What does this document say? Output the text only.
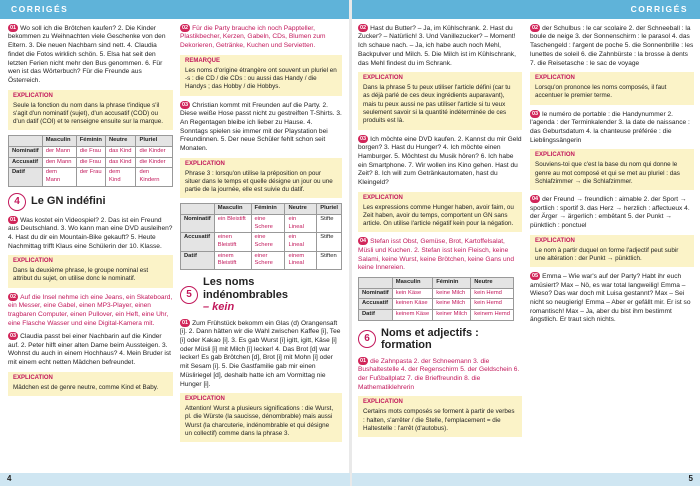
CORRIGÉS	CORRIGÉS

01 Wo soll ich die Brötchen kaufen? 2. Die Kinder bekommen zu Weihnachten viele Geschenke von den Eltern. 3. Die neuen Nachbarn sind nett. 4. Claudia findet die Fotos wirklich schön. 5. Elsa hat seit den letzten Ferien nicht mehr den Bus genommen. 6. Für wen ist das Wörterbuch? Für die Freunde aus Österreich.

EXPLICATION

Seule la fonction du nom dans la phrase t'indique s'il s'agit d'un nominatif (sujet), d'un accusatif (COD) ou d'un datif (COI) et te renseigne ensuite sur la marque.

	Masculin	Féminin	Neutre	Pluriel
Nominatif	der Mann	die Frau	das Kind	die Kinder
Accusatif	den Mann	die Frau	das Kind	die Kinder
Datif	dem Mann	der Frau	dem Kind	den Kindern
4	Le GN indéfini

01 Was kostet ein Videospiel? 2. Das ist ein Freund aus Deutschland. 3. Wo kann man eine DVD ausleihen? 4. Hast du dir ein Mountain-Bike gekauft? 5. Heute Nachmittag trifft Klaus eine Schülerin der 10. Klasse.

EXPLICATION

Dans la deuxième phrase, le groupe nominal est attribut du sujet, on utilise donc le nominatif.

02 Auf die Insel nehme ich eine Jeans, ein Skateboard, ein Messer, eine Gabel, einen MP3-Player, einen tragbaren Computer, einen Pullover, ein Heft, eine Uhr, eine Flasche Wasser und eine Digital-Kamera mit.

03 Claudia passt bei einer Nachbarin auf die Kinder auf. 2. Peter hilft einer alten Dame beim Aussteigen. 3. Wohnst du auch in einem Hochhaus? 4. Mein Bruder ist mit einem echt netten Mädchen befreundet.

EXPLICATION

Mädchen est de genre neutre, comme Kind et Baby.

02 Für die Party brauche ich noch Pappteller, Plastikbecher, Kerzen, Gabeln, CDs, Blumen zum Dekorieren, Getränke, Kuchen und Servietten.

REMARQUE

Les noms d'origine étrangère ont souvent un pluriel en -s : die CD / die CDs : ou aussi das Handy / die Handys ; das Hobby / die Hobbys.

03 Christian kommt mit Freunden auf die Party. 2. Diese weiße Hose passt nicht zu gestreiften T-Shirts. 3. An Regentagen bleibe ich lieber zu Hause. 4. Sonntags spielen sie immer mit der Playstation bei Freundinnen. 5. Der neue Schüler fehlt schon seit Monaten.

EXPLICATION

Phrase 3 : lorsqu'on utilise la préposition on pour situer dans le temps et quelle désigne un jour ou une partie de la journée, elle est suivie du datif.

	Masculin	Féminin	Neutre	Pluriel
Nominatif	ein Bleistift	eine Schere	ein Lineal	Stifte
Accusatif	einen Bleistift	eine Schere	ein Lineal	Stifte
Datif	einem Bleistift	einer Schere	einem Lineal	Stiften
5
Les noms indénombrables
– kein

01 Zum Frühstück bekomm ein Glas (d) Orangensaft [i]. 2. Dann hätten wir die Wahl zwischen Kaffee [i], Tee [i] oder Kakao [i]. 3. Es gab Wurst [i] igitt, igitt, Käse [i] oder Müsli [i] mit Milch [i] lecker! 4. Das Brot [d] war lecker! Es gab Brötchen [d], Brot [i] mit Mohn [i] oder mit Sesam [i]. 5. Die Gastfamilie gab mir einen Müsliriegel [d], deshalb hatte ich am Vormittag nie Hunger [i].

EXPLICATION

Attention! Wurst a plusieurs significations : die Wurst, pl. die Würste (la saucisse, dénombrable) mais aussi Wurst (la charcuterie, indénombrable et qui désigne un collectif) comme dans la phrase 3.

02 Hast du Butter? – Ja, im Kühlschrank. 2. Hast du Zucker? – Natürlich! 3. Und Vanillezucker? – Moment! Ich schaue nach. – Ja, ich habe auch noch Mehl, Backpulver und Milch. 5. Die Milch ist im Kühlschrank, das Mehl findest du im Schrank.

EXPLICATION

Dans la phrase 5 tu peux utiliser l'article défini (car tu as déjà parlé de ces deux ingrédients auparavant), mais tu peux aussi ne pas utiliser l'article si tu veux seulement savoir si la quantité indéterminée de ces produits est là.

03 Ich möchte eine DVD kaufen. 2. Kannst du mir Geld borgen? 3. Hast du Hunger? 4. Ich möchte einen Hamburger. 5. Möchtest du Musik hören? 6. Ich habe ein Smartphone. 7. Wir wollen ins Kino gehen. Hast du Zeit? 8. Ich will zum Getränkautomaten, hast du Kleingeld?

EXPLICATION

Les expressions comme Hunger haben, avoir faim, ou Zeit haben, avoir du temps, comportent un GN sans article. On utilise l'article négatif kein pour la négation.

04 Stefan isst Obst, Gemüse, Brot, Kartoffelsalat, Müsli und Kuchen. 2. Stefan isst kein Fleisch, keine Salami, keine Wurst, keine Brötchen, keine Gans und keine Innereien.

	Masculin	Féminin	Neutre
Nominatif	kein Käse	keine Milch	kein Hemd
Accusatif	keinen Käse	keine Milch	kein Hemd
Datif	keinem Käse	keiner Milch	keinem Hemd
6
Noms et adjectifs :
formation

01 die Zahnpasta 2. der Schneemann 3. die Bushaltestelle 4. der Regenschirm 5. der Geldschein 6. der Fußballplatz 7. die Brieffreundin 8. die Mathematiklehrerin

EXPLICATION

Certains mots composés se forment à partir de verbes : halten, s'arrêter / die Stelle, l'emplacement = die Haltestelle : l'arrêt (d'autobus).

02 der Schulbus : le car scolaire 2. der Schneeball : la boule de neige 3. der Sonnenschirm : le parasol 4. das Taschengeld : l'argent de poche 5. die Sonnenbrille : les lunettes de soleil 6. die Zahnbürste : la brosse à dents 7. die Reisetasche : le sac de voyage

EXPLICATION

Lorsqu'on prononce les noms composés, il faut accentuer le premier terme.

03 le numéro de portable : die Handynummer 2. l'agenda : der Terminkalender 3. la date de naissance : das Geburtsdatum 4. la chanteuse préférée : die Lieblingssängerin

EXPLICATION

Souviens-toi que c'est la base du nom qui donne le genre au mot composé et qui se met au pluriel : das Schlafzimmer → die Schlafzimmer.

04 der Freund → freundlich : aimable 2. der Sport → sportlich : sportif 3. das Herz → herzlich : affectueux 4. der Ärger → ärgerlich : embêtant 5. der Punkt → pünktlich : ponctuel

EXPLICATION

Le nom à partir duquel on forme l'adjectif peut subir une altération : der Punkt → pünktlich.

05 Emma – Wie war's auf der Party? Habt ihr euch amüsiert? Max – Nö, es war total langweilig! Emma – Wieso? Das war doch mit Luisa gestannt? Max – Sei nicht so neugierig! Emma – Aber er gefällt mir. Er ist so romantisch! Max – Ja, aber du bist ihm bestimmt ängstlich. Er traut sich nichts.

4	5
